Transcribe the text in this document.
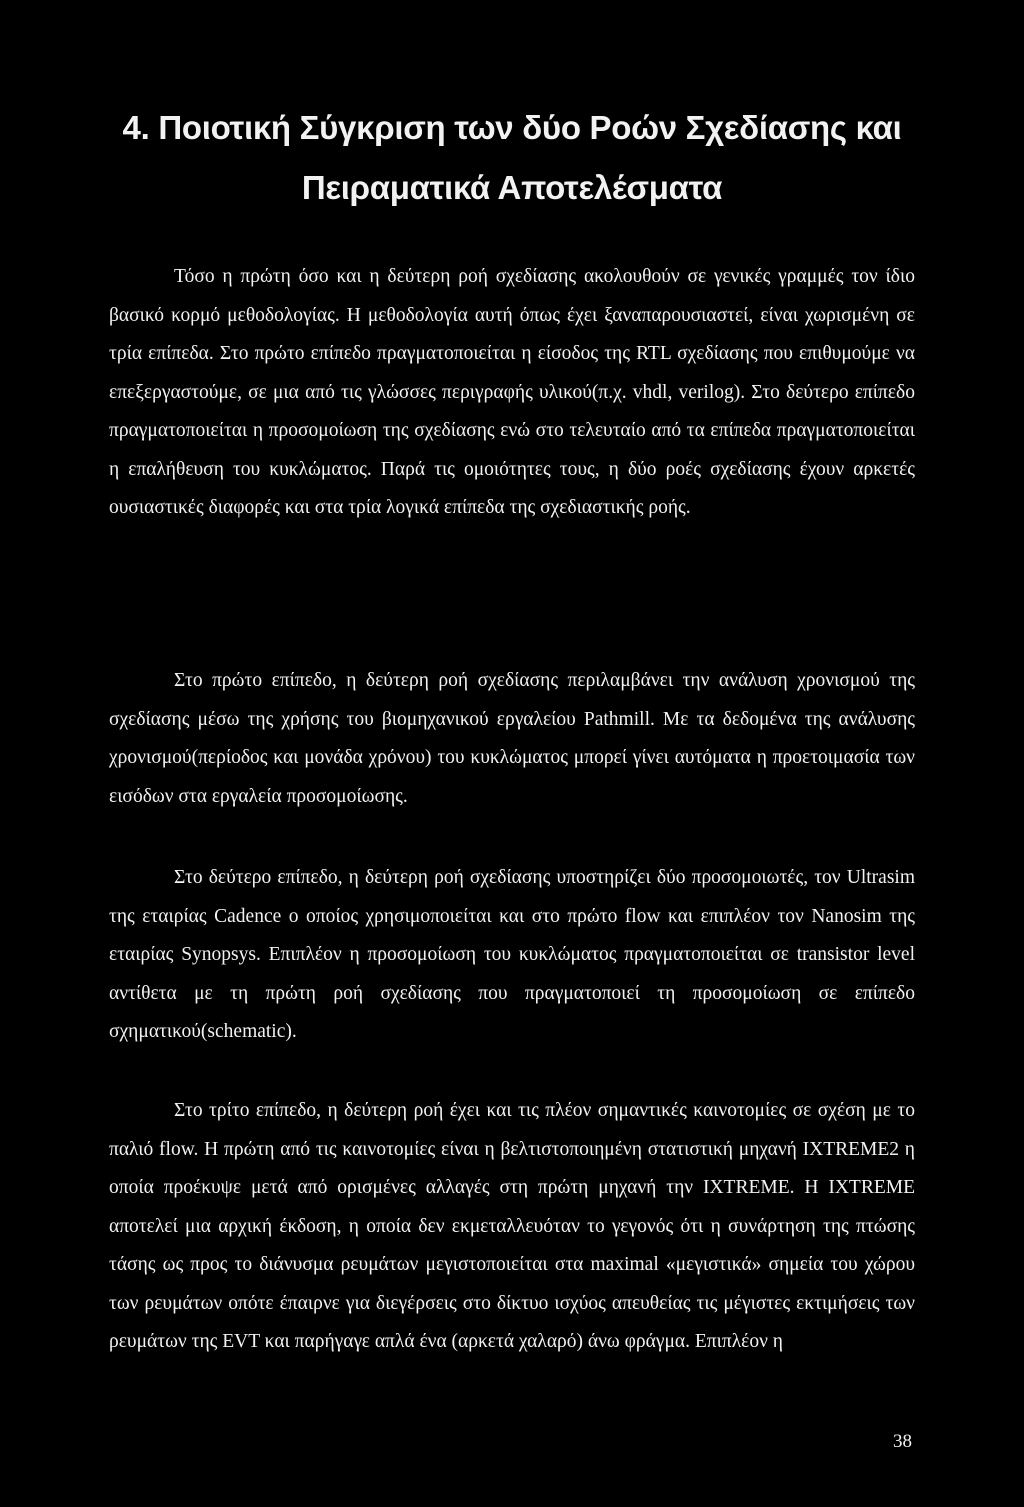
4. Ποιοτική Σύγκριση των δύο Ροών Σχεδίασης και
Πειραματικά Αποτελέσματα

Τόσο η πρώτη όσο και η δεύτερη ροή σχεδίασης ακολουθούν σε γενικές γραμμές τον ίδιο βασικό κορμό μεθοδολογίας. Η μεθοδολογία αυτή όπως έχει ξαναπαρουσιαστεί, είναι χωρισμένη σε τρία επίπεδα. Στο πρώτο επίπεδο πραγματοποιείται η είσοδος της RTL σχεδίασης που επιθυμούμε να επεξεργαστούμε, σε μια από τις γλώσσες περιγραφής υλικού(π.χ. vhdl, verilog). Στο δεύτερο επίπεδο πραγματοποιείται η προσομοίωση της σχεδίασης ενώ στο τελευταίο από τα επίπεδα πραγματοποιείται η επαλήθευση του κυκλώματος. Παρά τις ομοιότητες τους, η δύο ροές σχεδίασης έχουν αρκετές ουσιαστικές διαφορές και στα τρία λογικά επίπεδα της σχεδιαστικής ροής.

Στο πρώτο επίπεδο, η δεύτερη ροή σχεδίασης περιλαμβάνει την ανάλυση χρονισμού της σχεδίασης μέσω της χρήσης του βιομηχανικού εργαλείου Pathmill. Με τα δεδομένα της ανάλυσης χρονισμού(περίοδος και μονάδα χρόνου) του κυκλώματος μπορεί γίνει αυτόματα η προετοιμασία των εισόδων στα εργαλεία προσομοίωσης.

Στο δεύτερο επίπεδο, η δεύτερη ροή σχεδίασης υποστηρίζει δύο προσομοιωτές, τον Ultrasim της εταιρίας Cadence ο οποίος χρησιμοποιείται και στο πρώτο flow και επιπλέον τον Nanosim της εταιρίας Synopsys. Επιπλέον η προσομοίωση του κυκλώματος πραγματοποιείται σε transistor level αντίθετα με τη πρώτη ροή σχεδίασης που πραγματοποιεί τη προσομοίωση σε επίπεδο σχηματικού(schematic).

Στο τρίτο επίπεδο, η δεύτερη ροή έχει και τις πλέον σημαντικές καινοτομίες σε σχέση με το παλιό flow. Η πρώτη από τις καινοτομίες είναι η βελτιστοποιημένη στατιστική μηχανή IXTREME2 η οποία προέκυψε μετά από ορισμένες αλλαγές στη πρώτη μηχανή την IXTREME. Η IXTREME αποτελεί μια αρχική έκδοση, η οποία δεν εκμεταλλευόταν το γεγονός ότι η συνάρτηση της πτώσης τάσης ως προς το διάνυσμα ρευμάτων μεγιστοποιείται στα maximal «μεγιστικά» σημεία του χώρου των ρευμάτων οπότε έπαιρνε για διεγέρσεις στο δίκτυο ισχύος απευθείας τις μέγιστες εκτιμήσεις των ρευμάτων της EVT και παρήγαγε απλά ένα (αρκετά χαλαρό) άνω φράγμα. Επιπλέον η

38
